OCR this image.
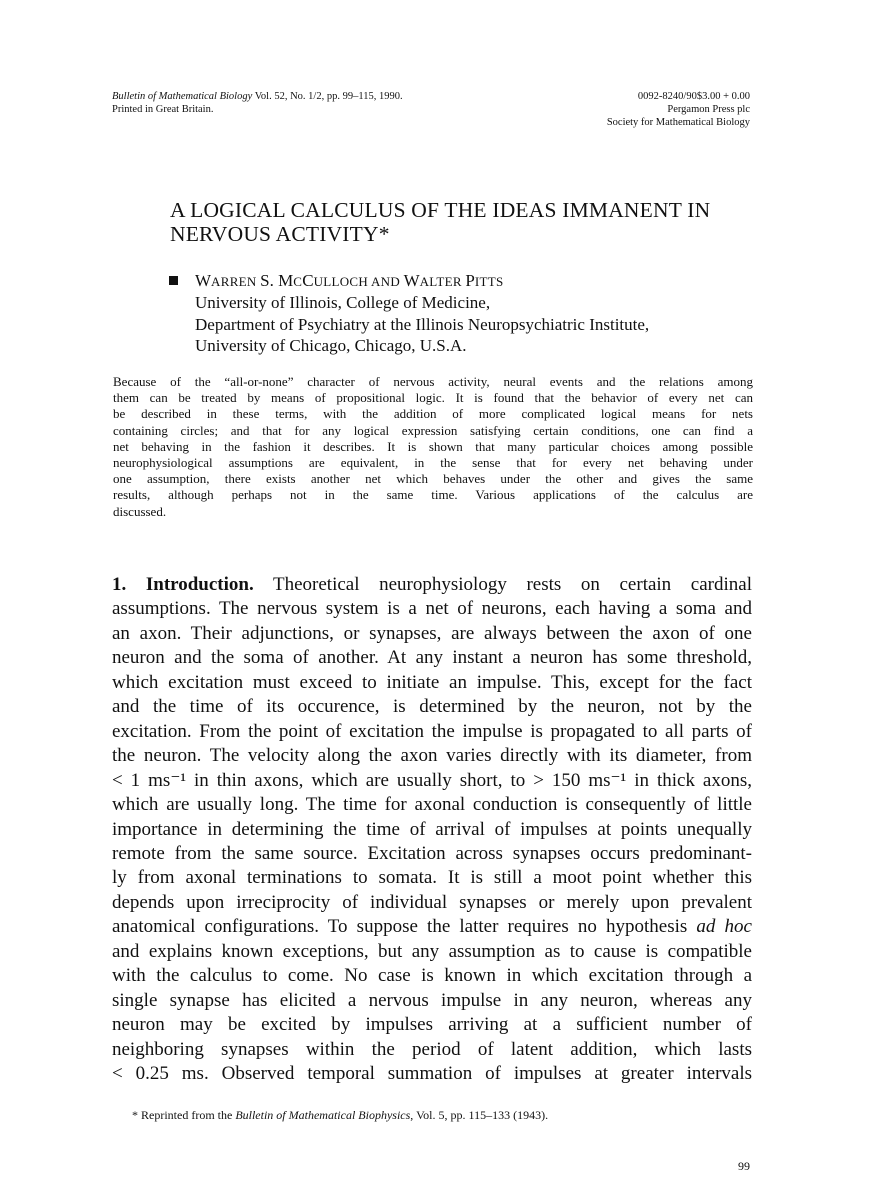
Bulletin of Mathematical Biology Vol. 52, No. 1/2, pp. 99–115, 1990.
Printed in Great Britain.
0092-8240/90$3.00 + 0.00
Pergamon Press plc
Society for Mathematical Biology
A LOGICAL CALCULUS OF THE IDEAS IMMANENT IN
NERVOUS ACTIVITY*
WARREN S. MCCULLOCH AND WALTER PITTS
University of Illinois, College of Medicine,
Department of Psychiatry at the Illinois Neuropsychiatric Institute,
University of Chicago, Chicago, U.S.A.
Because of the “all-or-none” character of nervous activity, neural events and the relations among
them can be treated by means of propositional logic. It is found that the behavior of every net can
be described in these terms, with the addition of more complicated logical means for nets
containing circles; and that for any logical expression satisfying certain conditions, one can find a
net behaving in the fashion it describes. It is shown that many particular choices among possible
neurophysiological assumptions are equivalent, in the sense that for every net behaving under
one assumption, there exists another net which behaves under the other and gives the same
results, although perhaps not in the same time. Various applications of the calculus are
discussed.
1. Introduction. Theoretical neurophysiology rests on certain cardinal
assumptions. The nervous system is a net of neurons, each having a soma and
an axon. Their adjunctions, or synapses, are always between the axon of one
neuron and the soma of another. At any instant a neuron has some threshold,
which excitation must exceed to initiate an impulse. This, except for the fact
and the time of its occurence, is determined by the neuron, not by the
excitation. From the point of excitation the impulse is propagated to all parts of
the neuron. The velocity along the axon varies directly with its diameter, from
< 1 ms⁻¹ in thin axons, which are usually short, to > 150 ms⁻¹ in thick axons,
which are usually long. The time for axonal conduction is consequently of little
importance in determining the time of arrival of impulses at points unequally
remote from the same source. Excitation across synapses occurs predominant-
ly from axonal terminations to somata. It is still a moot point whether this
depends upon irreciprocity of individual synapses or merely upon prevalent
anatomical configurations. To suppose the latter requires no hypothesis ad hoc
and explains known exceptions, but any assumption as to cause is compatible
with the calculus to come. No case is known in which excitation through a
single synapse has elicited a nervous impulse in any neuron, whereas any
neuron may be excited by impulses arriving at a sufficient number of
neighboring synapses within the period of latent addition, which lasts
< 0.25 ms. Observed temporal summation of impulses at greater intervals
* Reprinted from the Bulletin of Mathematical Biophysics, Vol. 5, pp. 115–133 (1943).
99
